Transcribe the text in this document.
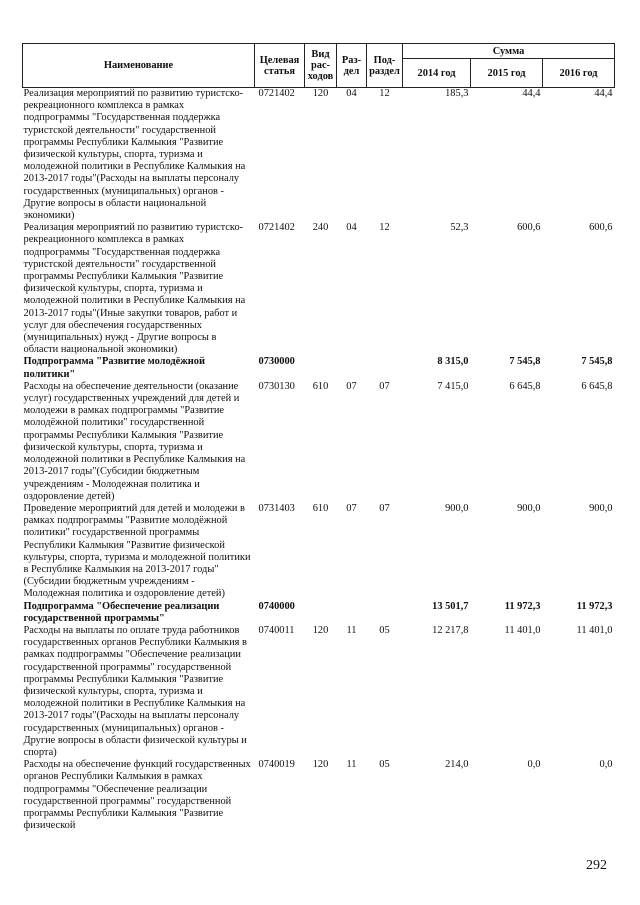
Наименование	Целевая статья	Вид рас-ходов	Раз-дел	Под-раздел	Сумма		
					2014 год	2015 год	2016 год
Реализация мероприятий по развитию туристско-рекреационного комплекса в рамках подпрограммы "Государственная поддержка туристской деятельности" государственной программы Республики Калмыкия "Развитие физической культуры, спорта, туризма и молодежной политики в Республике Калмыкия на 2013-2017 годы"(Расходы на выплаты персоналу государственных (муниципальных) органов - Другие вопросы в области национальной экономики)	0721402	120	04	12	185,3	44,4	44,4
Реализация мероприятий по развитию туристско-рекреационного комплекса в рамках подпрограммы "Государственная поддержка туристской деятельности" государственной программы Республики Калмыкия "Развитие физической культуры, спорта, туризма и молодежной политики в Республике Калмыкия на 2013-2017 годы"(Иные закупки товаров, работ и услуг для обеспечения государственных (муниципальных) нужд - Другие вопросы в области национальной экономики)	0721402	240	04	12	52,3	600,6	600,6
Подпрограмма "Развитие молодёжной политики"	0730000				8 315,0	7 545,8	7 545,8
Расходы на обеспечение деятельности (оказание услуг) государственных учреждений для детей и молодежи в рамках подпрограммы "Развитие молодёжной политики" государственной программы Республики Калмыкия "Развитие физической культуры, спорта, туризма и молодежной политики в Республике Калмыкия на 2013-2017 годы"(Субсидии бюджетным учреждениям - Молодежная политика и оздоровление детей)	0730130	610	07	07	7 415,0	6 645,8	6 645,8
Проведение мероприятий для детей и молодежи в рамках подпрограммы "Развитие молодёжной политики" государственной программы Республики Калмыкия "Развитие физической культуры, спорта, туризма и молодежной политики в Республике Калмыкия на 2013-2017 годы"(Субсидии бюджетным учреждениям - Молодежная политика и оздоровление детей)	0731403	610	07	07	900,0	900,0	900,0
Подпрограмма "Обеспечение реализации государственной программы"	0740000				13 501,7	11 972,3	11 972,3
Расходы на выплаты по оплате труда работников государственных органов Республики Калмыкия в рамках подпрограммы "Обеспечение реализации государственной программы" государственной программы Республики Калмыкия "Развитие физической культуры, спорта, туризма и молодежной политики в Республике Калмыкия на 2013-2017 годы"(Расходы на выплаты персоналу государственных (муниципальных) органов - Другие вопросы в области физической культуры и спорта)	0740011	120	11	05	12 217,8	11 401,0	11 401,0
Расходы на обеспечение функций государственных органов Республики Калмыкия в рамках подпрограммы "Обеспечение реализации государственной программы" государственной программы Республики Калмыкия "Развитие физической	0740019	120	11	05	214,0	0,0	0,0
292
